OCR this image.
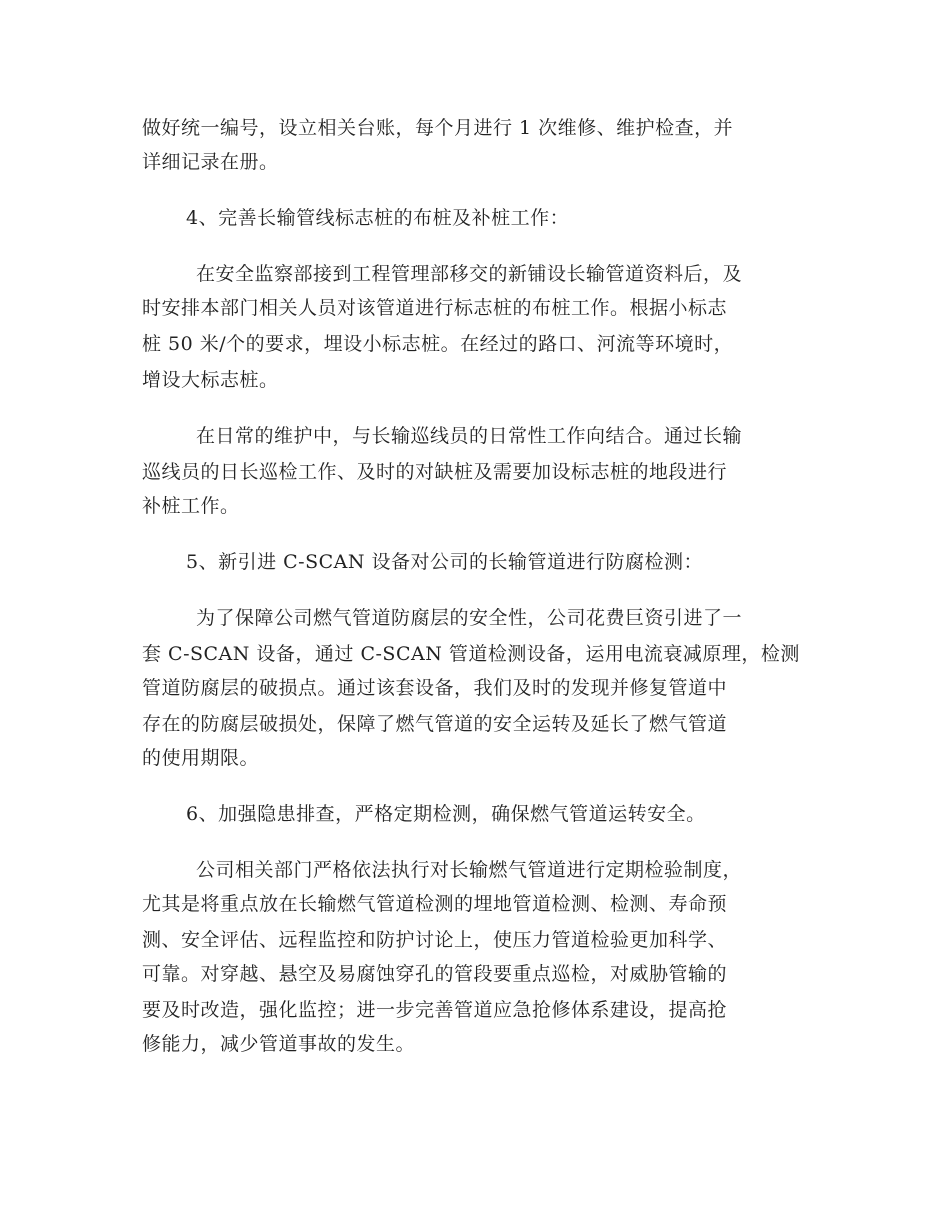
做好统一编号，设立相关台账，每个月进行 1 次维修、维护检查，并
详细记录在册。
4、完善长输管线标志桩的布桩及补桩工作：
在安全监察部接到工程管理部移交的新铺设长输管道资料后，及
时安排本部门相关人员对该管道进行标志桩的布桩工作。根据小标志
桩 50 米/个的要求，埋设小标志桩。在经过的路口、河流等环境时，
增设大标志桩。
在日常的维护中，与长输巡线员的日常性工作向结合。通过长输
巡线员的日长巡检工作、及时的对缺桩及需要加设标志桩的地段进行
补桩工作。
5、新引进 C-SCAN 设备对公司的长输管道进行防腐检测：
为了保障公司燃气管道防腐层的安全性，公司花费巨资引进了一
套 C-SCAN 设备，通过 C-SCAN 管道检测设备，运用电流衰减原理，检测
管道防腐层的破损点。通过该套设备，我们及时的发现并修复管道中
存在的防腐层破损处，保障了燃气管道的安全运转及延长了燃气管道
的使用期限。
6、加强隐患排查，严格定期检测，确保燃气管道运转安全。
公司相关部门严格依法执行对长输燃气管道进行定期检验制度，
尤其是将重点放在长输燃气管道检测的埋地管道检测、检测、寿命预
测、安全评估、远程监控和防护讨论上，使压力管道检验更加科学、
可靠。对穿越、悬空及易腐蚀穿孔的管段要重点巡检，对威胁管输的
要及时改造，强化监控；进一步完善管道应急抢修体系建设，提高抢
修能力，减少管道事故的发生。
